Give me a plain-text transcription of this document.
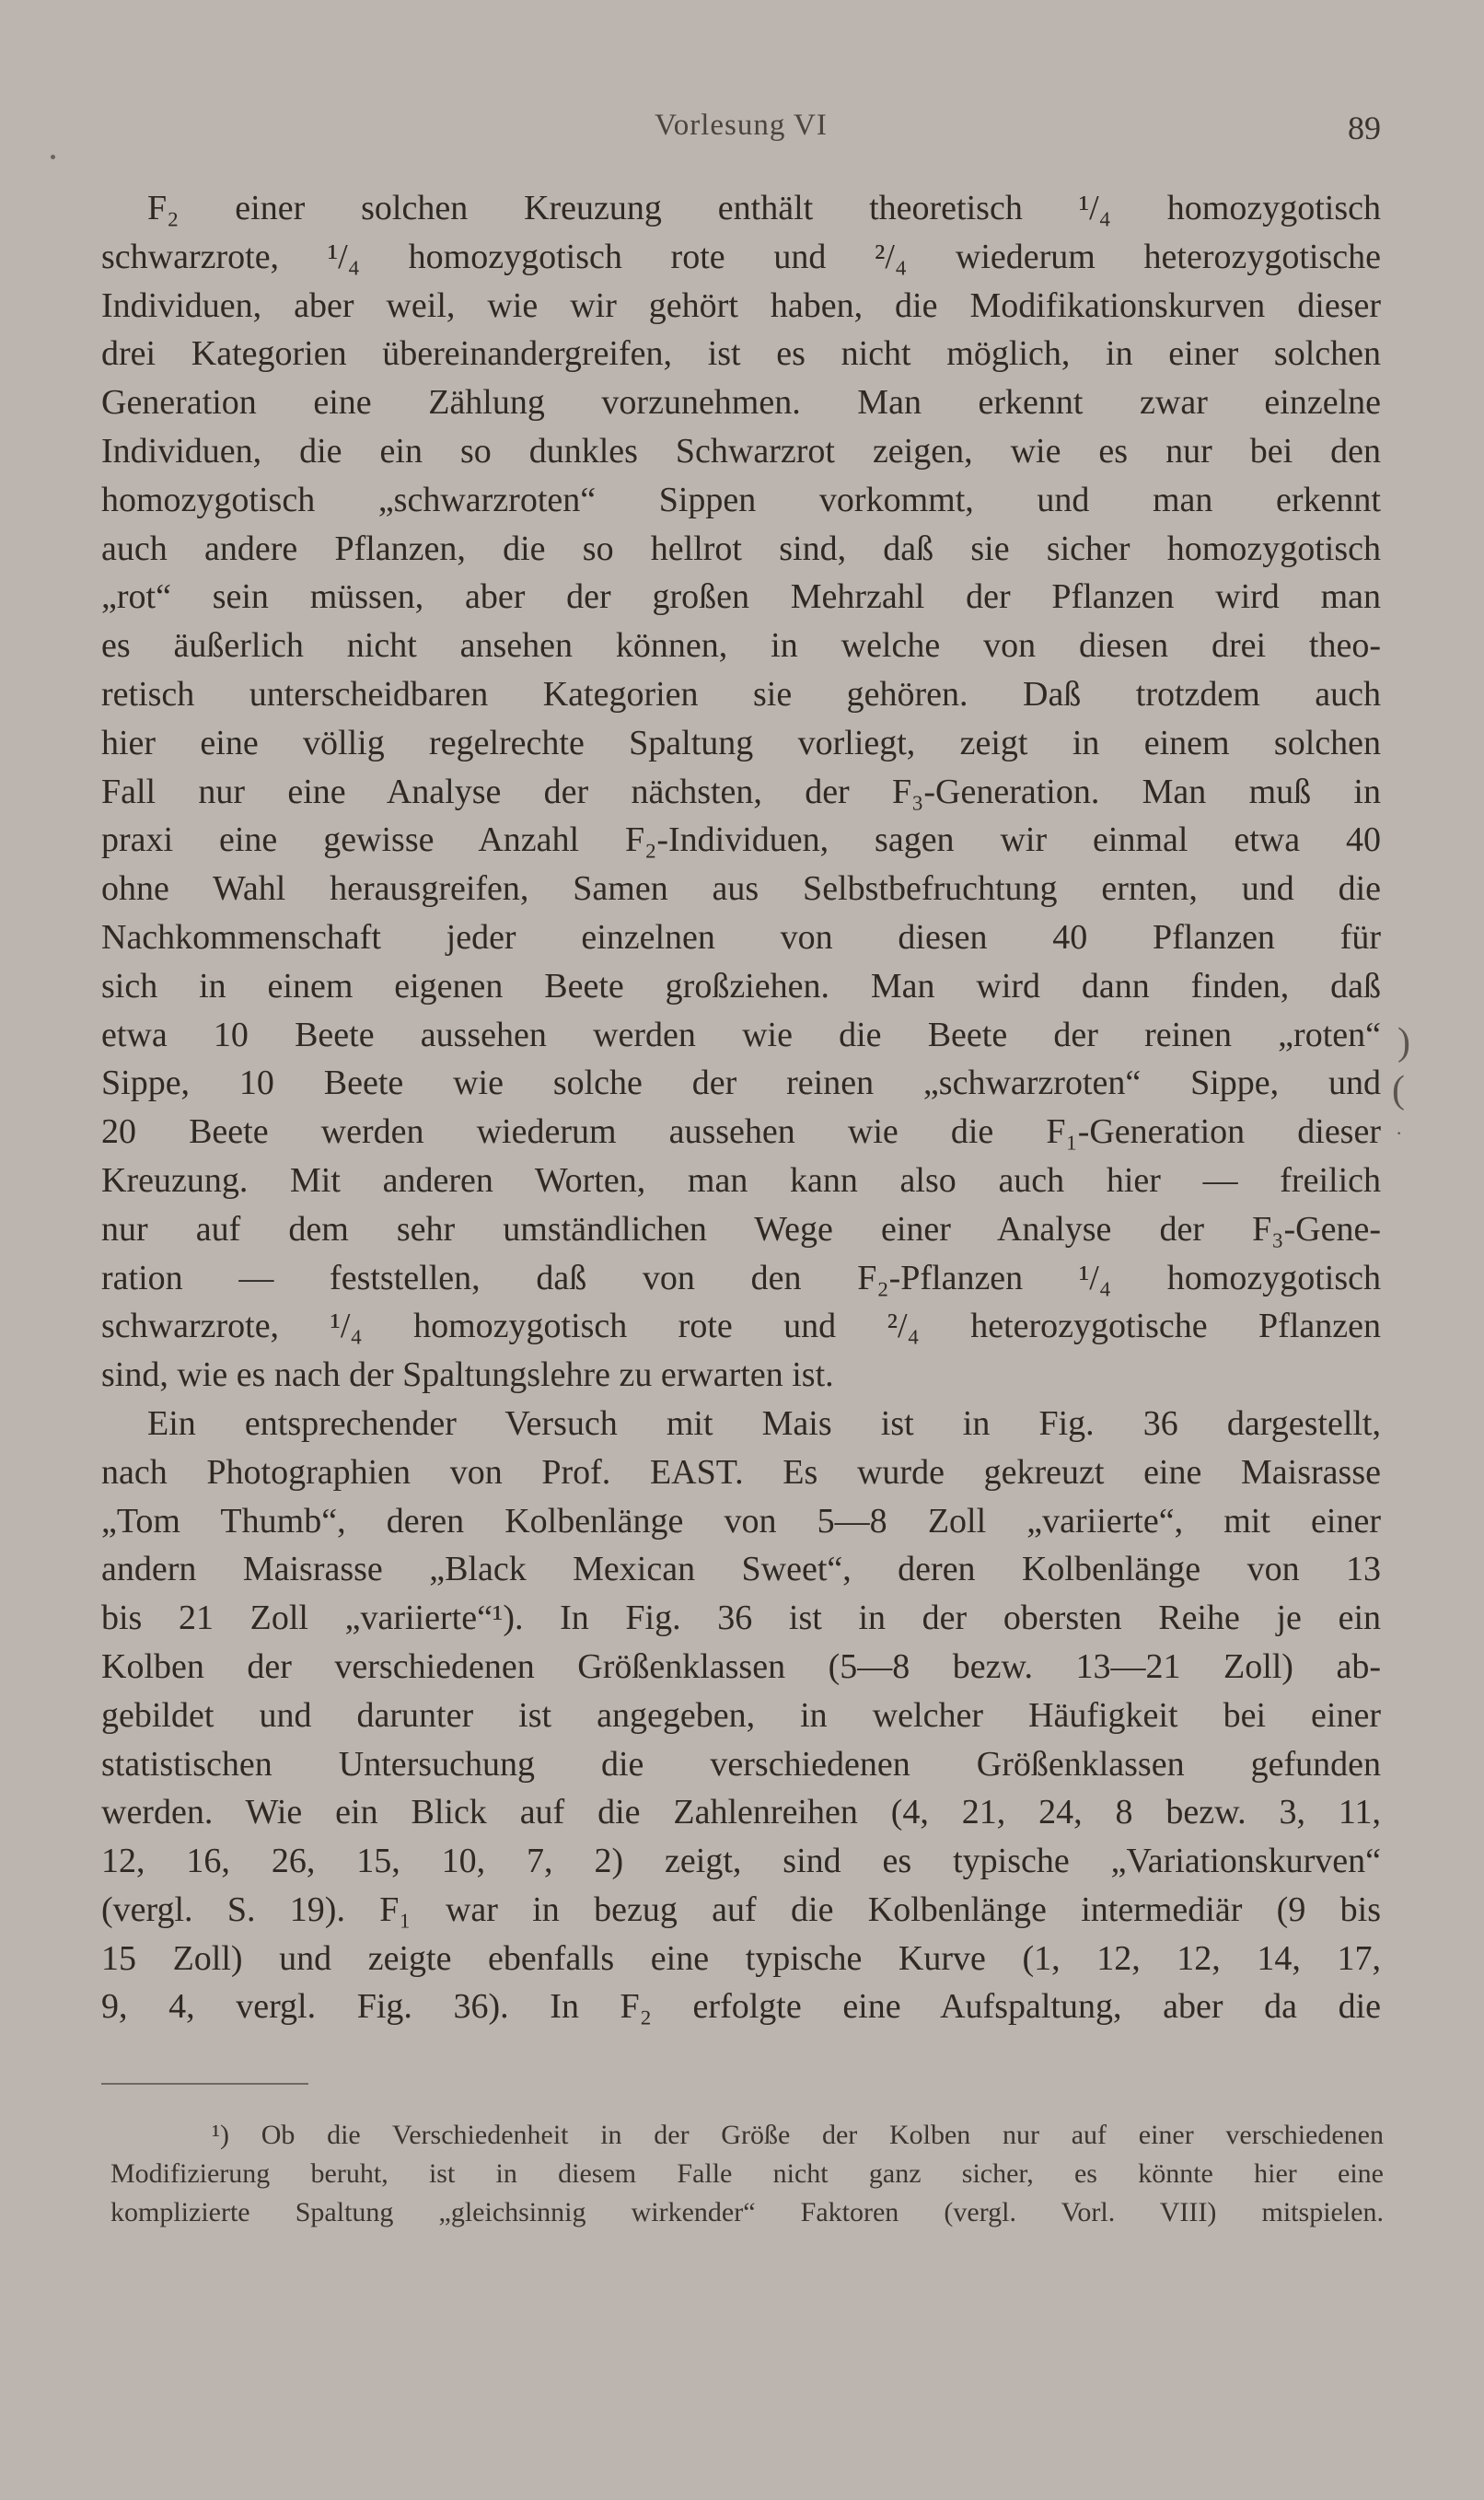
Vorlesung VI	89
F₂ einer solchen Kreuzung enthält theoretisch ¹/₄ homozygotisch
schwarzrote, ¹/₄ homozygotisch rote und ²/₄ wiederum heterozygotische
Individuen, aber weil, wie wir gehört haben, die Modifikationskurven dieser
drei Kategorien übereinandergreifen, ist es nicht möglich, in einer solchen
Generation eine Zählung vorzunehmen. Man erkennt zwar einzelne
Individuen, die ein so dunkles Schwarzrot zeigen, wie es nur bei den
homozygotisch „schwarzroten“ Sippen vorkommt, und man erkennt
auch andere Pflanzen, die so hellrot sind, daß sie sicher homozygotisch
„rot“ sein müssen, aber der großen Mehrzahl der Pflanzen wird man
es äußerlich nicht ansehen können, in welche von diesen drei theo-
retisch unterscheidbaren Kategorien sie gehören. Daß trotzdem auch
hier eine völlig regelrechte Spaltung vorliegt, zeigt in einem solchen
Fall nur eine Analyse der nächsten, der F₃-Generation. Man muß in
praxi eine gewisse Anzahl F₂-Individuen, sagen wir einmal etwa 40
ohne Wahl herausgreifen, Samen aus Selbstbefruchtung ernten, und die
Nachkommenschaft jeder einzelnen von diesen 40 Pflanzen für
sich in einem eigenen Beete großziehen. Man wird dann finden, daß
etwa 10 Beete aussehen werden wie die Beete der reinen „roten“
Sippe, 10 Beete wie solche der reinen „schwarzroten“ Sippe, und
20 Beete werden wiederum aussehen wie die F₁-Generation dieser
Kreuzung. Mit anderen Worten, man kann also auch hier — freilich
nur auf dem sehr umständlichen Wege einer Analyse der F₃-Gene-
ration — feststellen, daß von den F₂-Pflanzen ¹/₄ homozygotisch
schwarzrote, ¹/₄ homozygotisch rote und ²/₄ heterozygotische Pflanzen
sind, wie es nach der Spaltungslehre zu erwarten ist.
Ein entsprechender Versuch mit Mais ist in Fig. 36 dargestellt,
nach Photographien von Prof. EAST. Es wurde gekreuzt eine Maisrasse
„Tom Thumb“, deren Kolbenlänge von 5—8 Zoll „variierte“, mit einer
andern Maisrasse „Black Mexican Sweet“, deren Kolbenlänge von 13
bis 21 Zoll „variierte“¹). In Fig. 36 ist in der obersten Reihe je ein
Kolben der verschiedenen Größenklassen (5—8 bezw. 13—21 Zoll) ab-
gebildet und darunter ist angegeben, in welcher Häufigkeit bei einer
statistischen Untersuchung die verschiedenen Größenklassen gefunden
werden. Wie ein Blick auf die Zahlenreihen (4, 21, 24, 8 bezw. 3, 11,
12, 16, 26, 15, 10, 7, 2) zeigt, sind es typische „Variationskurven“
(vergl. S. 19). F₁ war in bezug auf die Kolbenlänge intermediär (9 bis
15 Zoll) und zeigte ebenfalls eine typische Kurve (1, 12, 12, 14, 17,
9, 4, vergl. Fig. 36). In F₂ erfolgte eine Aufspaltung, aber da die
¹) Ob die Verschiedenheit in der Größe der Kolben nur auf einer verschiedenen
Modifizierung beruht, ist in diesem Falle nicht ganz sicher, es könnte hier eine
komplizierte Spaltung „gleichsinnig wirkender“ Faktoren (vergl. Vorl. VIII) mitspielen.
)
(
·
